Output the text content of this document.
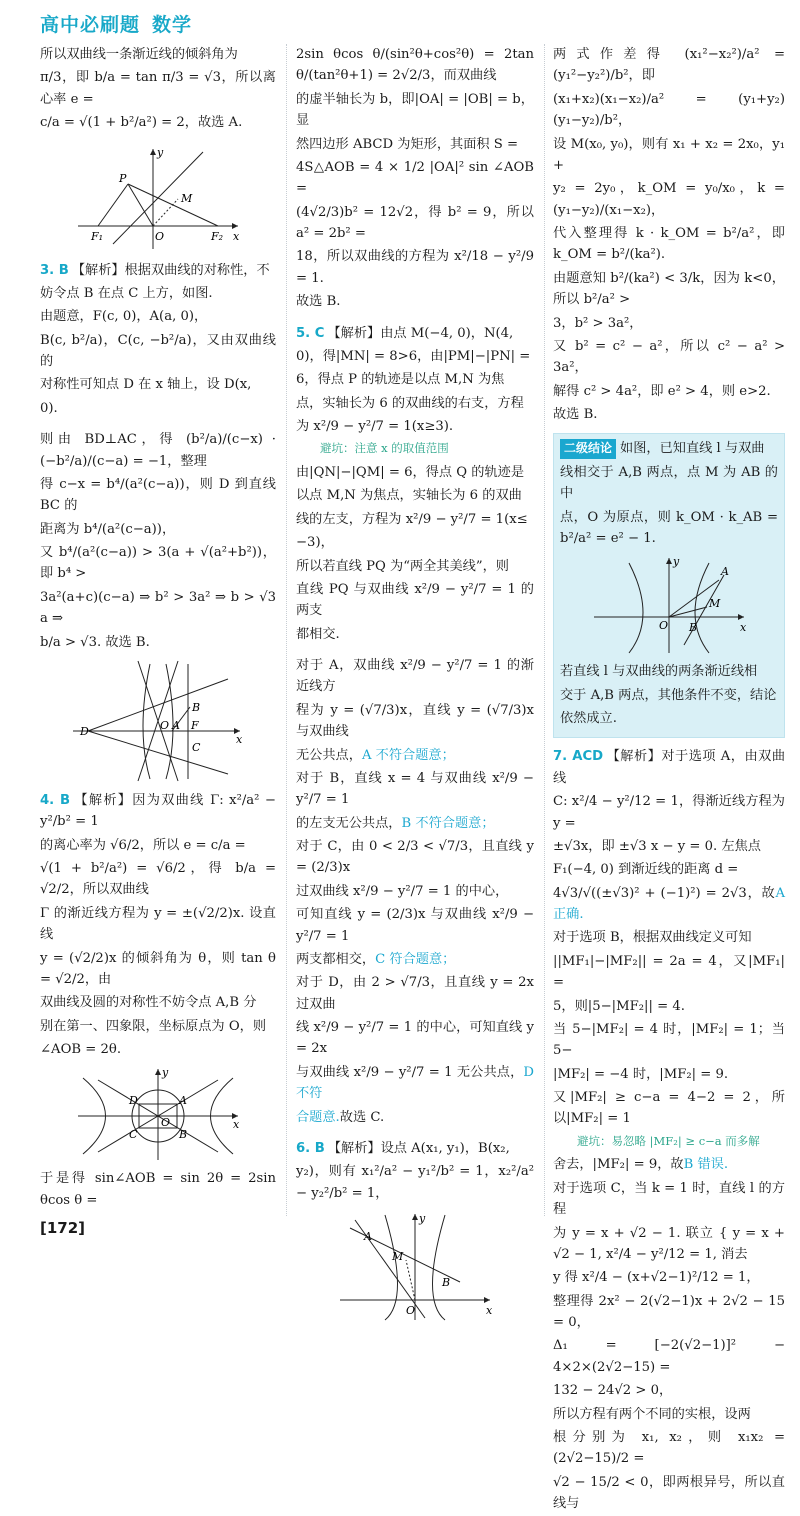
高中必刷题 数学

所以双曲线一条渐近线的倾斜角为

π/3，即 b/a = tan π/3 = √3，所以离心率 e =

c/a = √(1 + b²/a²) = 2，故选 A.

y
x
P
M
F₁	O	F₂

3. B 【解析】根据双曲线的对称性，不

妨令点 B 在点 C 上方，如图.

由题意，F(c, 0)，A(a, 0)，

B(c, b²/a)，C(c, −b²/a)，又由双曲线的

对称性可知点 D 在 x 轴上，设 D(x,

0).

则由 BD⊥AC，得 (b²/a)/(c−x) · (−b²/a)/(c−a) = −1，整理

得 c−x = b⁴/(a²(c−a))，则 D 到直线 BC 的

距离为 b⁴/(a²(c−a))，

又 b⁴/(a²(c−a)) > 3(a + √(a²+b²))，即 b⁴ >

3a²(a+c)(c−a) ⇒ b² > 3a² ⇒ b > √3 a ⇒

b/a > √3. 故选 B.

D	O A F
B
C
x

4. B 【解析】因为双曲线 Γ: x²/a² − y²/b² = 1

的离心率为 √6/2，所以 e = c/a =

√(1 + b²/a²) = √6/2，得 b/a = √2/2，所以双曲线

Γ 的渐近线方程为 y = ±(√2/2)x. 设直线

y = (√2/2)x 的倾斜角为 θ，则 tan θ = √2/2，由

双曲线及圆的对称性不妨令点 A,B 分

别在第一、四象限，坐标原点为 O，则

∠AOB = 2θ.

y
x
D	A
O
C	B

于是得 sin∠AOB = sin 2θ = 2sin θcos θ =

2sin θcos θ/(sin²θ+cos²θ) = 2tan θ/(tan²θ+1) = 2√2/3，而双曲线

的虚半轴长为 b，即|OA| = |OB| = b，显

然四边形 ABCD 为矩形，其面积 S =

4S△AOB = 4 × 1/2 |OA|² sin ∠AOB =

(4√2/3)b² = 12√2，得 b² = 9，所以 a² = 2b² =

18，所以双曲线的方程为 x²/18 − y²/9 = 1.

故选 B.

5. C 【解析】由点 M(−4, 0)，N(4,

0)，得|MN| = 8>6，由|PM|−|PN| =

6，得点 P 的轨迹是以点 M,N 为焦

点，实轴长为 6 的双曲线的右支，方程

为 x²/9 − y²/7 = 1(x≥3).

避坑：注意 x 的取值范围

由|QN|−|QM| = 6，得点 Q 的轨迹是

以点 M,N 为焦点，实轴长为 6 的双曲

线的左支，方程为 x²/9 − y²/7 = 1(x≤

−3)，

所以若直线 PQ 为“两全其美线”，则

直线 PQ 与双曲线 x²/9 − y²/7 = 1 的两支

都相交.

对于 A，双曲线 x²/9 − y²/7 = 1 的渐近线方

程为 y = (√7/3)x，直线 y = (√7/3)x 与双曲线

无公共点，A 不符合题意；

对于 B，直线 x = 4 与双曲线 x²/9 − y²/7 = 1

的左支无公共点，B 不符合题意；

对于 C，由 0 < 2/3 < √7/3，且直线 y = (2/3)x

过双曲线 x²/9 − y²/7 = 1 的中心，

可知直线 y = (2/3)x 与双曲线 x²/9 − y²/7 = 1

两支都相交，C 符合题意；

对于 D，由 2 > √7/3，且直线 y = 2x 过双曲

线 x²/9 − y²/7 = 1 的中心，可知直线 y = 2x

与双曲线 x²/9 − y²/7 = 1 无公共点，D 不符

合题意.故选 C.

6. B 【解析】设点 A(x₁, y₁)，B(x₂,

y₂)，则有 x₁²/a² − y₁²/b² = 1，x₂²/a² − y₂²/b² = 1，

y
A
M
B
O	x

两式作差得 (x₁²−x₂²)/a² = (y₁²−y₂²)/b²，即

(x₁+x₂)(x₁−x₂)/a² = (y₁+y₂)(y₁−y₂)/b²，

设 M(x₀, y₀)，则有 x₁ + x₂ = 2x₀，y₁ +

y₂ = 2y₀，k_OM = y₀/x₀，k = (y₁−y₂)/(x₁−x₂)，

代入整理得 k · k_OM = b²/a²，即 k_OM = b²/(ka²).

由题意知 b²/(ka²) < 3/k，因为 k<0，所以 b²/a² >

3，b² > 3a²，

又 b² = c² − a²，所以 c² − a² > 3a²，

解得 c² > 4a²，即 e² > 4，则 e>2.

故选 B.

二级结论 如图，已知直线 l 与双曲

线相交于 A,B 两点，点 M 为 AB 的中

点，O 为原点，则 k_OM · k_AB = b²/a² = e² − 1.

y
A
M
O B	x

若直线 l 与双曲线的两条渐近线相

交于 A,B 两点，其他条件不变，结论

依然成立.

7. ACD 【解析】对于选项 A，由双曲线

C: x²/4 − y²/12 = 1，得渐近线方程为 y =

±√3x，即 ±√3 x − y = 0. 左焦点

F₁(−4, 0) 到渐近线的距离 d =

4√3/√((±√3)² + (−1)²) = 2√3，故A 正确.

对于选项 B，根据双曲线定义可知

||MF₁|−|MF₂|| = 2a = 4，又|MF₁| =

5，则|5−|MF₂|| = 4.

当 5−|MF₂| = 4 时，|MF₂| = 1；当 5−

|MF₂| = −4 时，|MF₂| = 9.

又|MF₂| ≥ c−a = 4−2 = 2，所以|MF₂| = 1

避坑：易忽略 |MF₂| ≥ c−a 而多解

舍去，|MF₂| = 9，故B 错误.

对于选项 C，当 k = 1 时，直线 l 的方程

为 y = x + √2 − 1. 联立 { y = x + √2 − 1, x²/4 − y²/12 = 1, 消去

y 得 x²/4 − (x+√2−1)²/12 = 1，

整理得 2x² − 2(√2−1)x + 2√2 − 15 = 0，

Δ₁ = [−2(√2−1)]² − 4×2×(2√2−15) =

132 − 24√2 > 0，

所以方程有两个不同的实根，设两

根分别为 x₁, x₂，则 x₁x₂ = (2√2−15)/2 =

√2 − 15/2 < 0，即两根异号，所以直线与

[172]
